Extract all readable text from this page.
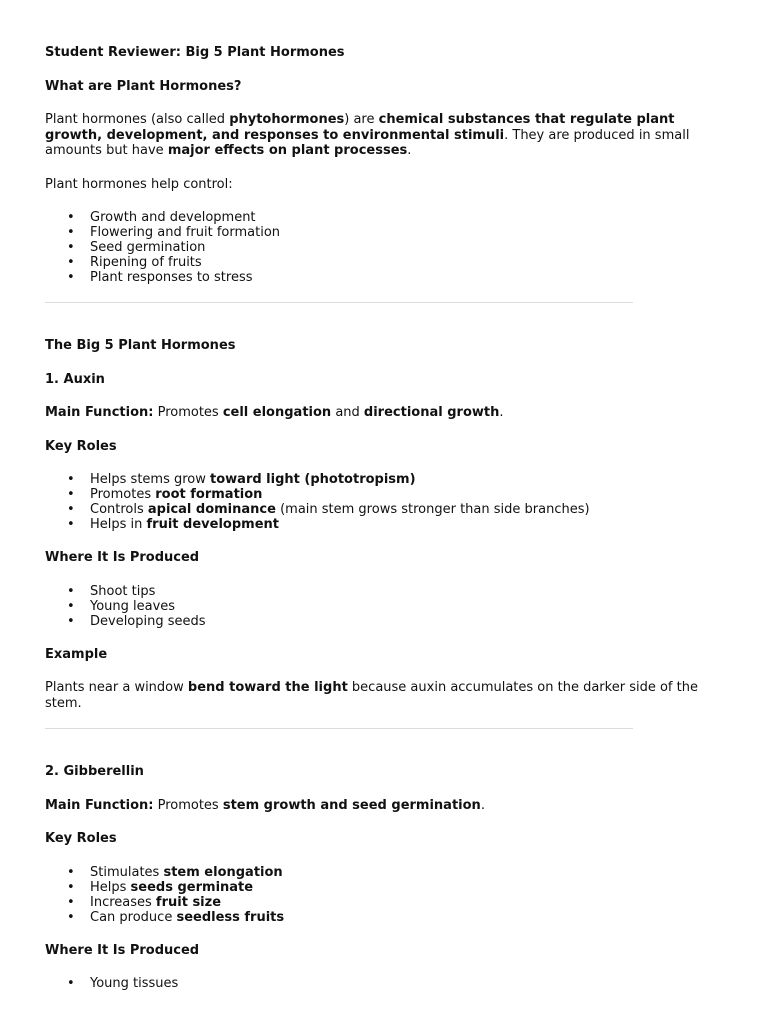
Student Reviewer: Big 5 Plant Hormones

What are Plant Hormones?

Plant hormones (also called phytohormones) are chemical substances that regulate plant growth, development, and responses to environmental stimuli. They are produced in small amounts but have major effects on plant processes.

Plant hormones help control:

• Growth and development
• Flowering and fruit formation
• Seed germination
• Ripening of fruits
• Plant responses to stress

The Big 5 Plant Hormones

1. Auxin

Main Function: Promotes cell elongation and directional growth.

Key Roles

• Helps stems grow toward light (phototropism)
• Promotes root formation
• Controls apical dominance (main stem grows stronger than side branches)
• Helps in fruit development

Where It Is Produced

• Shoot tips
• Young leaves
• Developing seeds

Example

Plants near a window bend toward the light because auxin accumulates on the darker side of the stem.

2. Gibberellin

Main Function: Promotes stem growth and seed germination.

Key Roles

• Stimulates stem elongation
• Helps seeds germinate
• Increases fruit size
• Can produce seedless fruits

Where It Is Produced

• Young tissues
